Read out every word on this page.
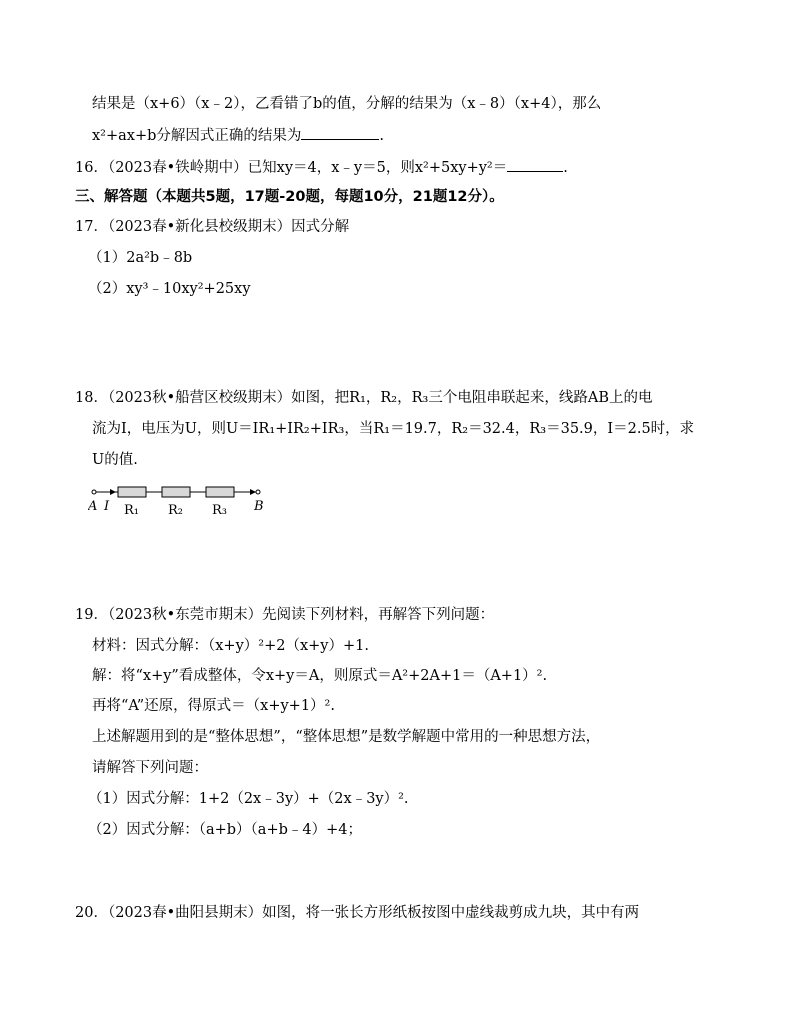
结果是（x+6）（x﹣2），乙看错了b的值，分解的结果为（x﹣8）（x+4），那么
x²+ax+b分解因式正确的结果为	.
16．（2023春•铁岭期中）已知xy＝4，x﹣y＝5，则x²+5xy+y²＝	.
三、解答题（本题共5题，17题-20题，每题10分，21题12分）。
17．（2023春•新化县校级期末）因式分解
（1）2a²b﹣8b
（2）xy³﹣10xy²+25xy
18．（2023秋•船营区校级期末）如图，把R₁，R₂，R₃三个电阻串联起来，线路AB上的电
流为I，电压为U，则U＝IR₁+IR₂+IR₃，当R₁＝19.7，R₂＝32.4，R₃＝35.9，I＝2.5时，求
U的值.
A I R₁ R₂ R₃ B
19．（2023秋•东莞市期末）先阅读下列材料，再解答下列问题：
材料：因式分解：（x+y）²+2（x+y）+1.
解：将“x+y”看成整体，令x+y＝A，则原式＝A²+2A+1＝（A+1）².
再将“A”还原，得原式＝（x+y+1）².
上述解题用到的是“整体思想”，“整体思想”是数学解题中常用的一种思想方法，
请解答下列问题：
（1）因式分解：1+2（2x﹣3y）+（2x﹣3y）².
（2）因式分解：（a+b）（a+b﹣4）+4；
20．（2023春•曲阳县期末）如图，将一张长方形纸板按图中虚线裁剪成九块，其中有两
